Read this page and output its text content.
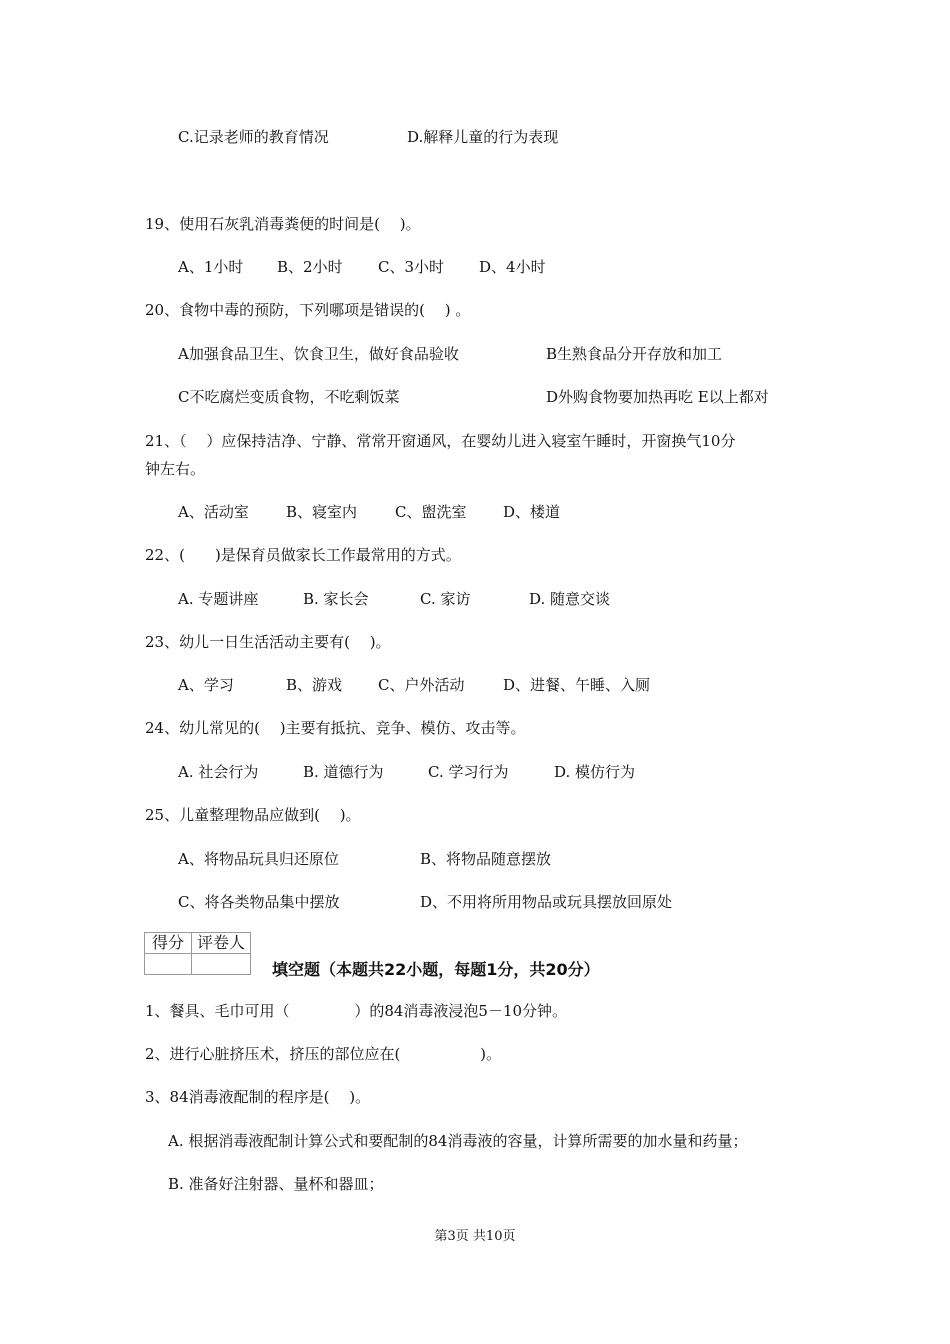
C.记录老师的教育情况	D.解释儿童的行为表现
19、使用石灰乳消毒粪便的时间是(　 )。
A、1小时 B、2小时 C、3小时 D、4小时
20、食物中毒的预防，下列哪项是错误的(　 ) 。
A加强食品卫生、饮食卫生，做好食品验收	B生熟食品分开存放和加工
C不吃腐烂变质食物，不吃剩饭菜	D外购食物要加热再吃 E以上都对
21、（　 ）应保持洁净、宁静、常常开窗通风，在婴幼儿进入寝室午睡时，开窗换气10分
钟左右。
A、活动室 B、寝室内	C、盥洗室 D、楼道
22、(　　)是保育员做家长工作最常用的方式。
A. 专题讲座	B. 家长会	C. 家访	D. 随意交谈
23、幼儿一日生活活动主要有(　 )。
A、学习	B、游戏 C、户外活动	D、进餐、午睡、入厕
24、幼儿常见的(　 )主要有抵抗、竞争、模仿、攻击等。
A. 社会行为	B. 道德行为	C. 学习行为	D. 模仿行为
25、儿童整理物品应做到(　 )。
A、将物品玩具归还原位	B、将物品随意摆放
C、将各类物品集中摆放	D、不用将所用物品或玩具摆放回原处
得分	评卷人

填空题（本题共22小题，每题1分，共20分）
1、餐具、毛巾可用（　　　　 ）的84消毒液浸泡5－10分钟。
2、进行心脏挤压术，挤压的部位应在(　　　　　 )。
3、84消毒液配制的程序是(　 )。
A. 根据消毒液配制计算公式和要配制的84消毒液的容量，计算所需要的加水量和药量；
B. 准备好注射器、量杯和器皿；
第3页 共10页
